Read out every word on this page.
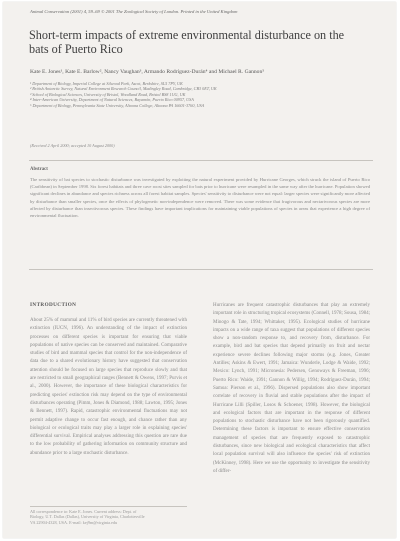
Animal Conservation (2001) 4, 59–69 © 2001 The Zoological Society of London. Printed in the United Kingdom
Short-term impacts of extreme environmental disturbance on the bats of Puerto Rico
Kate E. Jones¹, Kate E. Barlow², Nancy Vaughan³, Armando Rodríguez-Durán⁴ and Michael R. Gannon⁵
¹ Department of Biology, Imperial College at Silwood Park, Ascot, Berkshire, SL5 7PY, UK
² British Antarctic Survey, Natural Environment Research Council, Madingley Road, Cambridge, CB3 0ET, UK
³ School of Biological Sciences, University of Bristol, Woodland Road, Bristol BS8 1UG, UK
⁴ Inter-American University, Department of Natural Sciences, Bayamón, Puerto Rico 00957, USA
⁵ Department of Biology, Pennsylvania State University, Altoona College, Altoona PA 16601-3760, USA
(Received 2 April 2000; accepted 10 August 2000)
Abstract
The sensitivity of bat species to stochastic disturbance was investigated by exploiting the natural experiment provided by Hurricane Georges, which struck the island of Puerto Rico (Caribbean) in September 1998. Six forest habitats and three cave roost sites sampled for bats prior to hurricane were resampled in the same way after the hurricane. Population showed significant declines in abundance and species richness across all forest habitat samples. Species' sensitivity to disturbance were not equal: larger species were significantly more affected by disturbance than smaller species, once the effects of phylogenetic non-independence were removed. There was some evidence that frugivorous and nectarivorous species are more affected by disturbance than insectivorous species. These findings have important implications for maintaining viable populations of species in areas that experience a high degree of environmental fluctuation.
INTRODUCTION
About 25% of mammal and 11% of bird species are currently threatened with extinction (IUCN, 1996). An understanding of the impact of extinction processes on different species is important for ensuring that viable populations of native species can be conserved and maintained. Comparative studies of bird and mammal species that control for the non-independence of data due to a shared evolutionary history have suggested that conservation attention should be focused on large species that reproduce slowly and that are restricted to small geographical ranges (Bennett & Owens, 1997; Purvis et al., 2000). However, the importance of these biological characteristics for predicting species' extinction risk may depend on the type of environmental disturbances operating (Pimm, Jones & Diamond, 1988; Lawton, 1995; Jones & Bennett, 1997). Rapid, catastrophic environmental fluctuations may not permit adaptive change to occur fast enough, and chance rather than any biological or ecological traits may play a larger role in explaining species' differential survival. Empirical analyses addressing this question are rare due to the low probability of gathering information on community structure and abundance prior to a large stochastic disturbance.
Hurricanes are frequent catastrophic disturbances that play an extremely important role in structuring tropical ecosystems (Connell, 1978; Sousa, 1984; Minogo & Tate, 1994; Whittaker, 1995). Ecological studies of hurricane impacts on a wide range of taxa suggest that populations of different species show a non-random response to, and recovery from, disturbance. For example, bird and bat species that depend primarily on fruit and nectar experience severe declines following major storms (e.g. Jones, Greater Antilles; Askins & Ewert, 1991; Jamaica: Wunderle, Lodge & Waide, 1992; Mexico: Lynch, 1991; Micronesia: Pedersen, Genoways & Freeman, 1996; Puerto Rico: Waide, 1991; Gannon & Willig, 1994; Rodríguez-Durán, 1994; Samoa: Pierson et al., 1996). Dispersed populations also show important correlate of recovery in fluvial and stable populations after the impact of Hurricane Lilli (Spiller, Losos & Schoener, 1998). However, the biological and ecological factors that are important in the response of different populations to stochastic disturbance have not been rigorously quantified. Determining these factors is important to ensure effective conservation management of species that are frequently exposed to catastrophic disturbances, since new biological and ecological characteristics that affect local population survival will also influence the species' risk of extinction (McKinney, 1998). Here we use the opportunity to investigate the sensitivity of differ-
All correspondence to: Kate E. Jones. Current address: Dept. of
Biology, U.T. Dallas (Dallas), University of Virginia, Charlottesville
VA 22904-4328, USA. E-mail: kej9m@virginia.edu
